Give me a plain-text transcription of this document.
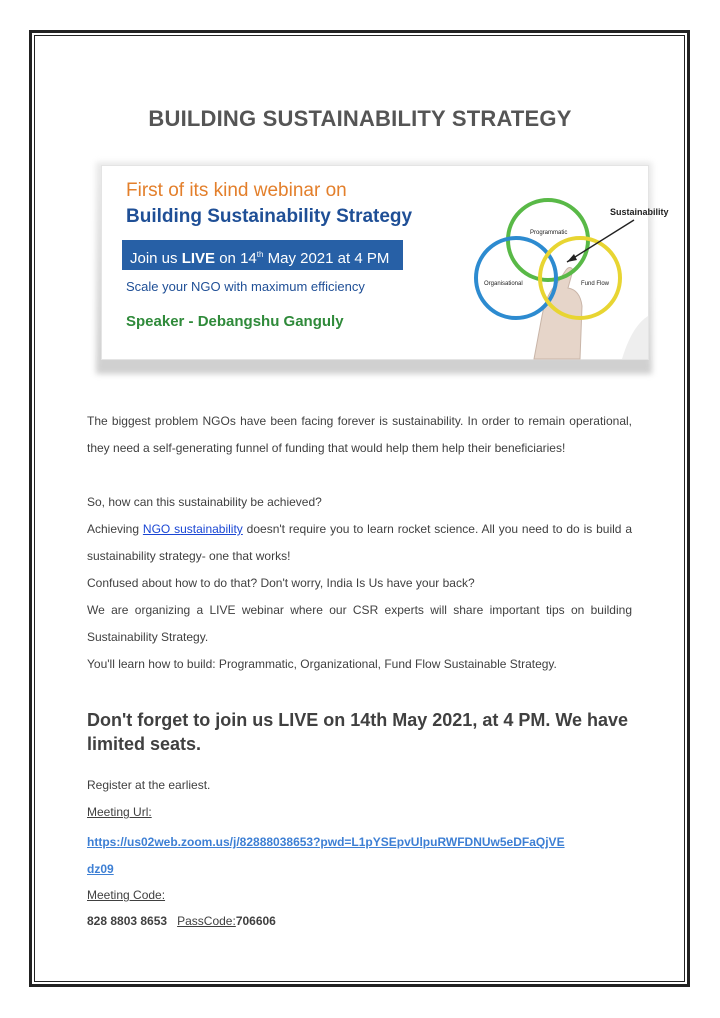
BUILDING SUSTAINABILITY STRATEGY
First of its kind webinar on
Building Sustainability Strategy
Join us LIVE on 14th May 2021 at 4 PM
Scale your NGO with maximum efficiency
Speaker - Debangshu Ganguly
Sustainability
Programmatic
Organisational	Fund Flow
The biggest problem NGOs have been facing forever is sustainability. In order to remain operational, they need a self-generating funnel of funding that would help them help their beneficiaries!
So, how can this sustainability be achieved?
Achieving NGO sustainability doesn't require you to learn rocket science. All you need to do is build a sustainability strategy- one that works!
Confused about how to do that? Don't worry, India Is Us have your back?
We are organizing a LIVE webinar where our CSR experts will share important tips on building Sustainability Strategy.
You'll learn how to build: Programmatic, Organizational, Fund Flow Sustainable Strategy.
Don't forget to join us LIVE on 14th May 2021, at 4 PM. We have limited seats.
Register at the earliest.
Meeting Url:
https://us02web.zoom.us/j/82888038653?pwd=L1pYSEpvUlpuRWFDNUw5eDFaQjVE
dz09
Meeting Code:
828 8803 8653 PassCode:706606
